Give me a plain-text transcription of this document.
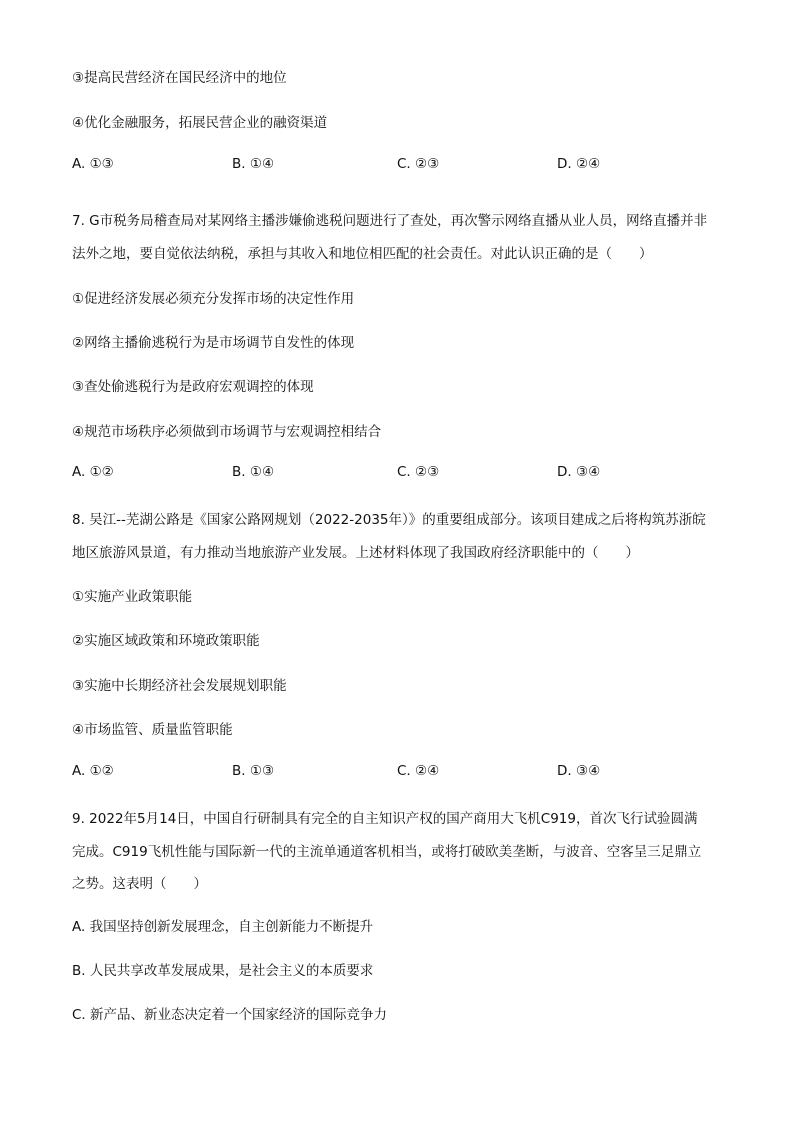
③提高民营经济在国民经济中的地位
④优化金融服务，拓展民营企业的融资渠道
A. ①③	B. ①④	C. ②③	D. ②④
7. G市税务局稽查局对某网络主播涉嫌偷逃税问题进行了查处，再次警示网络直播从业人员，网络直播并非
法外之地，要自觉依法纳税，承担与其收入和地位相匹配的社会责任。对此认识正确的是（　　）
①促进经济发展必须充分发挥市场的决定性作用
②网络主播偷逃税行为是市场调节自发性的体现
③查处偷逃税行为是政府宏观调控的体现
④规范市场秩序必须做到市场调节与宏观调控相结合
A. ①②	B. ①④	C. ②③	D. ③④
8. 吴江--芜湖公路是《国家公路网规划（2022-2035年）》的重要组成部分。该项目建成之后将构筑苏浙皖
地区旅游风景道，有力推动当地旅游产业发展。上述材料体现了我国政府经济职能中的（　　）
①实施产业政策职能
②实施区域政策和环境政策职能
③实施中长期经济社会发展规划职能
④市场监管、质量监管职能
A. ①②	B. ①③	C. ②④	D. ③④
9. 2022年5月14日，中国自行研制具有完全的自主知识产权的国产商用大飞机C919，首次飞行试验圆满
完成。C919飞机性能与国际新一代的主流单通道客机相当，或将打破欧美垄断，与波音、空客呈三足鼎立
之势。这表明（　　）
A. 我国坚持创新发展理念，自主创新能力不断提升
B. 人民共享改革发展成果，是社会主义的本质要求
C. 新产品、新业态决定着一个国家经济的国际竞争力
